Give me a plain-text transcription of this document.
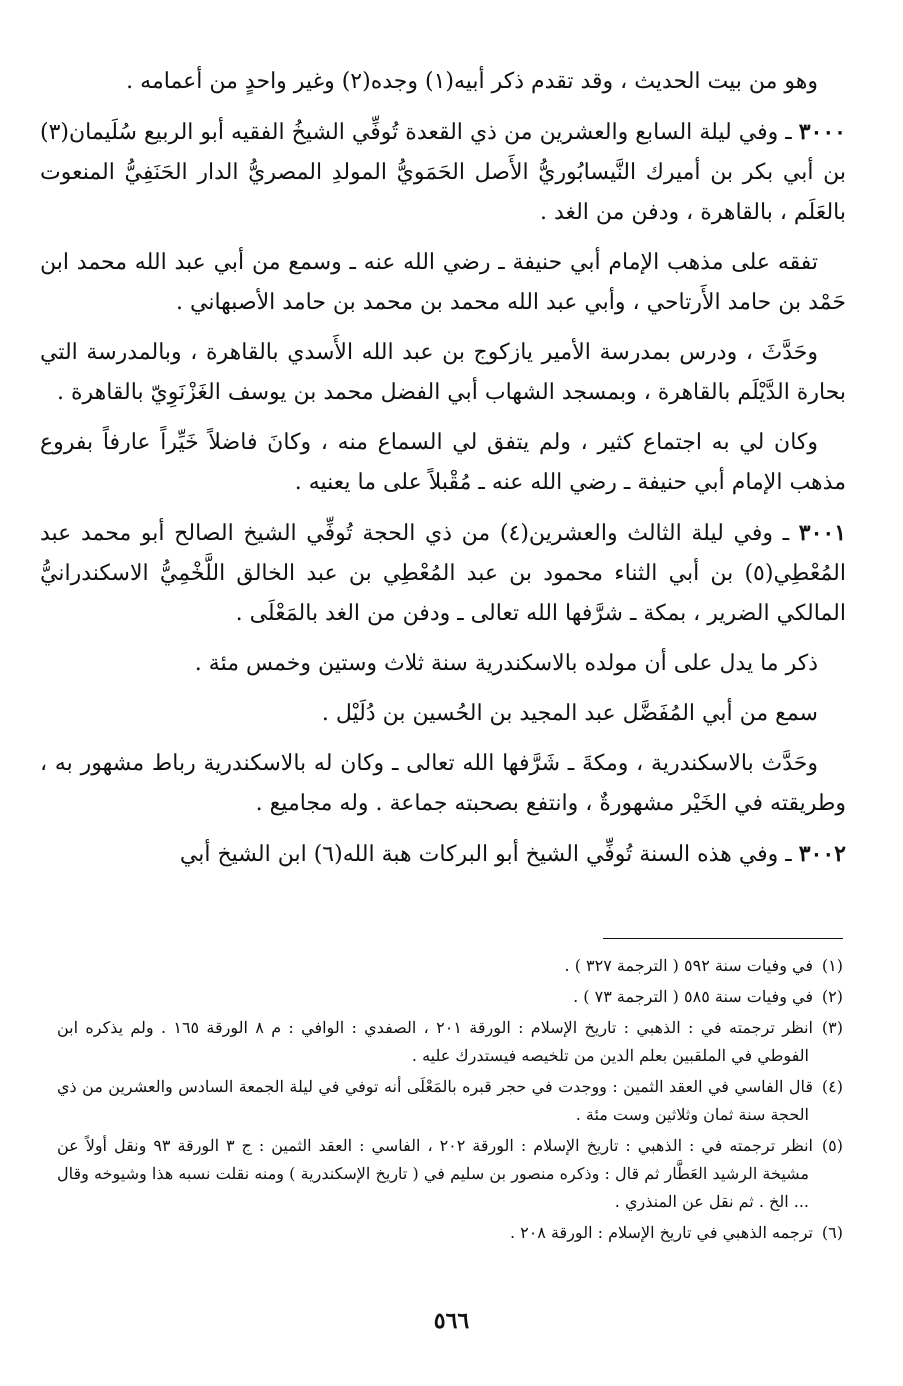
وهو من بيت الحديث ، وقد تقدم ذكر أبيه(١) وجده(٢) وغير واحدٍ من أعمامه .

٣٠٠٠ ـ وفي ليلة السابع والعشرين من ذي القعدة تُوفِّي الشيخُ الفقيه أبو الربيع سُلَيمان(٣) بن أبي بكر بن أميرك النَّيسابُوريُّ الأَصل الحَمَويُّ المولدِ المصريُّ الدار الحَنَفِيُّ المنعوت بالعَلَم ، بالقاهرة ، ودفن من الغد .

تفقه على مذهب الإمام أبي حنيفة ـ رضي الله عنه ـ وسمع من أبي عبد الله محمد ابن حَمْد بن حامد الأَرتاحي ، وأبي عبد الله محمد بن محمد بن حامد الأصبهاني .

وحَدَّثَ ، ودرس بمدرسة الأمير يازكوج بن عبد الله الأَسدي بالقاهرة ، وبالمدرسة التي بحارة الدَّيْلَم بالقاهرة ، وبمسجد الشهاب أبي الفضل محمد بن يوسف الغَزْنَوِيّ بالقاهرة .

وكان لي به اجتماع كثير ، ولم يتفق لي السماع منه ، وكانَ فاضلاً خَيِّراً عارفاً بفروع مذهب الإمام أبي حنيفة ـ رضي الله عنه ـ مُقْبلاً على ما يعنيه .

٣٠٠١ ـ وفي ليلة الثالث والعشرين(٤) من ذي الحجة تُوفِّي الشيخ الصالح أبو محمد عبد المُعْطِي(٥) بن أبي الثناء محمود بن عبد المُعْطِي بن عبد الخالق اللَّخْمِيُّ الاسكندرانيُّ المالكي الضرير ، بمكة ـ شرَّفها الله تعالى ـ ودفن من الغد بالمَعْلَى .

ذكر ما يدل على أن مولده بالاسكندرية سنة ثلاث وستين وخمس مئة .

سمع من أبي المُفَضَّل عبد المجيد بن الحُسين بن دُلَيْل .

وحَدَّث بالاسكندرية ، ومكةَ ـ شَرَّفها الله تعالى ـ وكان له بالاسكندرية رباط مشهور به ، وطريقته في الخَيْر مشهورةٌ ، وانتفع بصحبته جماعة . وله مجاميع .

٣٠٠٢ ـ وفي هذه السنة تُوفِّي الشيخ أبو البركات هبة الله(٦) ابن الشيخ أبي

(١)في وفيات سنة ٥٩٢ ( الترجمة ٣٢٧ ) .

(٢)في وفيات سنة ٥٨٥ ( الترجمة ٧٣ ) .

(٣)انظر ترجمته في : الذهبي : تاريخ الإسلام : الورقة ٢٠١ ، الصفدي : الوافي : م ٨ الورقة ١٦٥ . ولم يذكره ابن الفوطي في الملقبين بعلم الدين من تلخيصه فيستدرك عليه .

(٤)قال الفاسي في العقد الثمين : ووجدت في حجر قبره بالمَعْلَى أنه توفي في ليلة الجمعة السادس والعشرين من ذي الحجة سنة ثمان وثلاثين وست مئة .

(٥)انظر ترجمته في : الذهبي : تاريخ الإسلام : الورقة ٢٠٢ ، الفاسي : العقد الثمين : ج ٣ الورقة ٩٣ ونقل أولاً عن مشيخة الرشيد العَطَّار ثم قال : وذكره منصور بن سليم في ( تاريخ الإسكندرية ) ومنه نقلت نسبه هذا وشيوخه وقال ... الخ . ثم نقل عن المنذري .

(٦)ترجمه الذهبي في تاريخ الإسلام : الورقة ٢٠٨ .

٥٦٦
